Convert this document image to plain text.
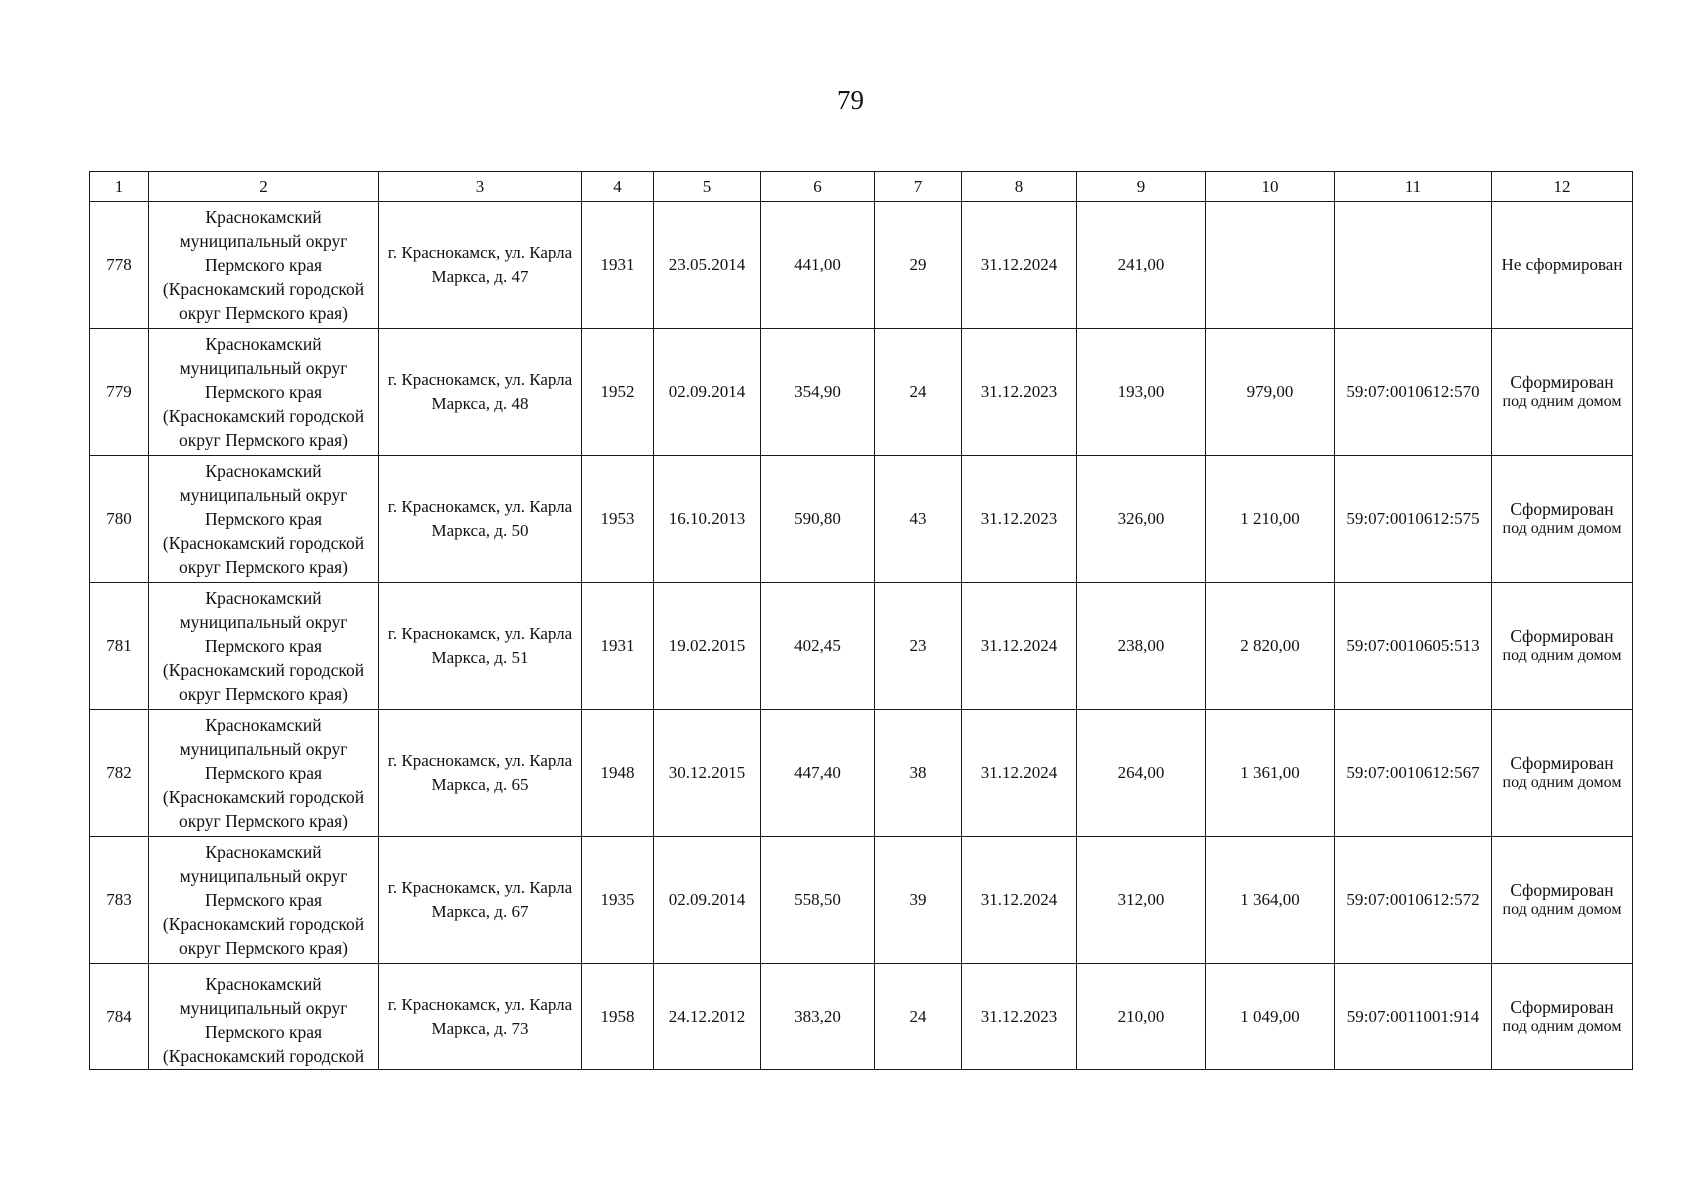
79
1	2	3	4	5	6	7	8	9	10	11	12
778	Краснокамский
муниципальный округ
Пермского края
(Краснокамский городской
округ Пермского края)	г. Краснокамск, ул. Карла
Маркса, д. 47	1931	23.05.2014	441,00	29	31.12.2024	241,00			Не сформирован

779	Краснокамский
муниципальный округ
Пермского края
(Краснокамский городской
округ Пермского края)	г. Краснокамск, ул. Карла
Маркса, д. 48	1952	02.09.2014	354,90	24	31.12.2023	193,00	979,00	59:07:0010612:570	Сформирован
под одним домом

780	Краснокамский
муниципальный округ
Пермского края
(Краснокамский городской
округ Пермского края)	г. Краснокамск, ул. Карла
Маркса, д. 50	1953	16.10.2013	590,80	43	31.12.2023	326,00	1 210,00	59:07:0010612:575	Сформирован
под одним домом

781	Краснокамский
муниципальный округ
Пермского края
(Краснокамский городской
округ Пермского края)	г. Краснокамск, ул. Карла
Маркса, д. 51	1931	19.02.2015	402,45	23	31.12.2024	238,00	2 820,00	59:07:0010605:513	Сформирован
под одним домом

782	Краснокамский
муниципальный округ
Пермского края
(Краснокамский городской
округ Пермского края)	г. Краснокамск, ул. Карла
Маркса, д. 65	1948	30.12.2015	447,40	38	31.12.2024	264,00	1 361,00	59:07:0010612:567	Сформирован
под одним домом

783	Краснокамский
муниципальный округ
Пермского края
(Краснокамский городской
округ Пермского края)	г. Краснокамск, ул. Карла
Маркса, д. 67	1935	02.09.2014	558,50	39	31.12.2024	312,00	1 364,00	59:07:0010612:572	Сформирован
под одним домом

784	Краснокамский
муниципальный округ
Пермского края
(Краснокамский городской	г. Краснокамск, ул. Карла
Маркса, д. 73	1958	24.12.2012	383,20	24	31.12.2023	210,00	1 049,00	59:07:0011001:914	Сформирован
под одним домом
